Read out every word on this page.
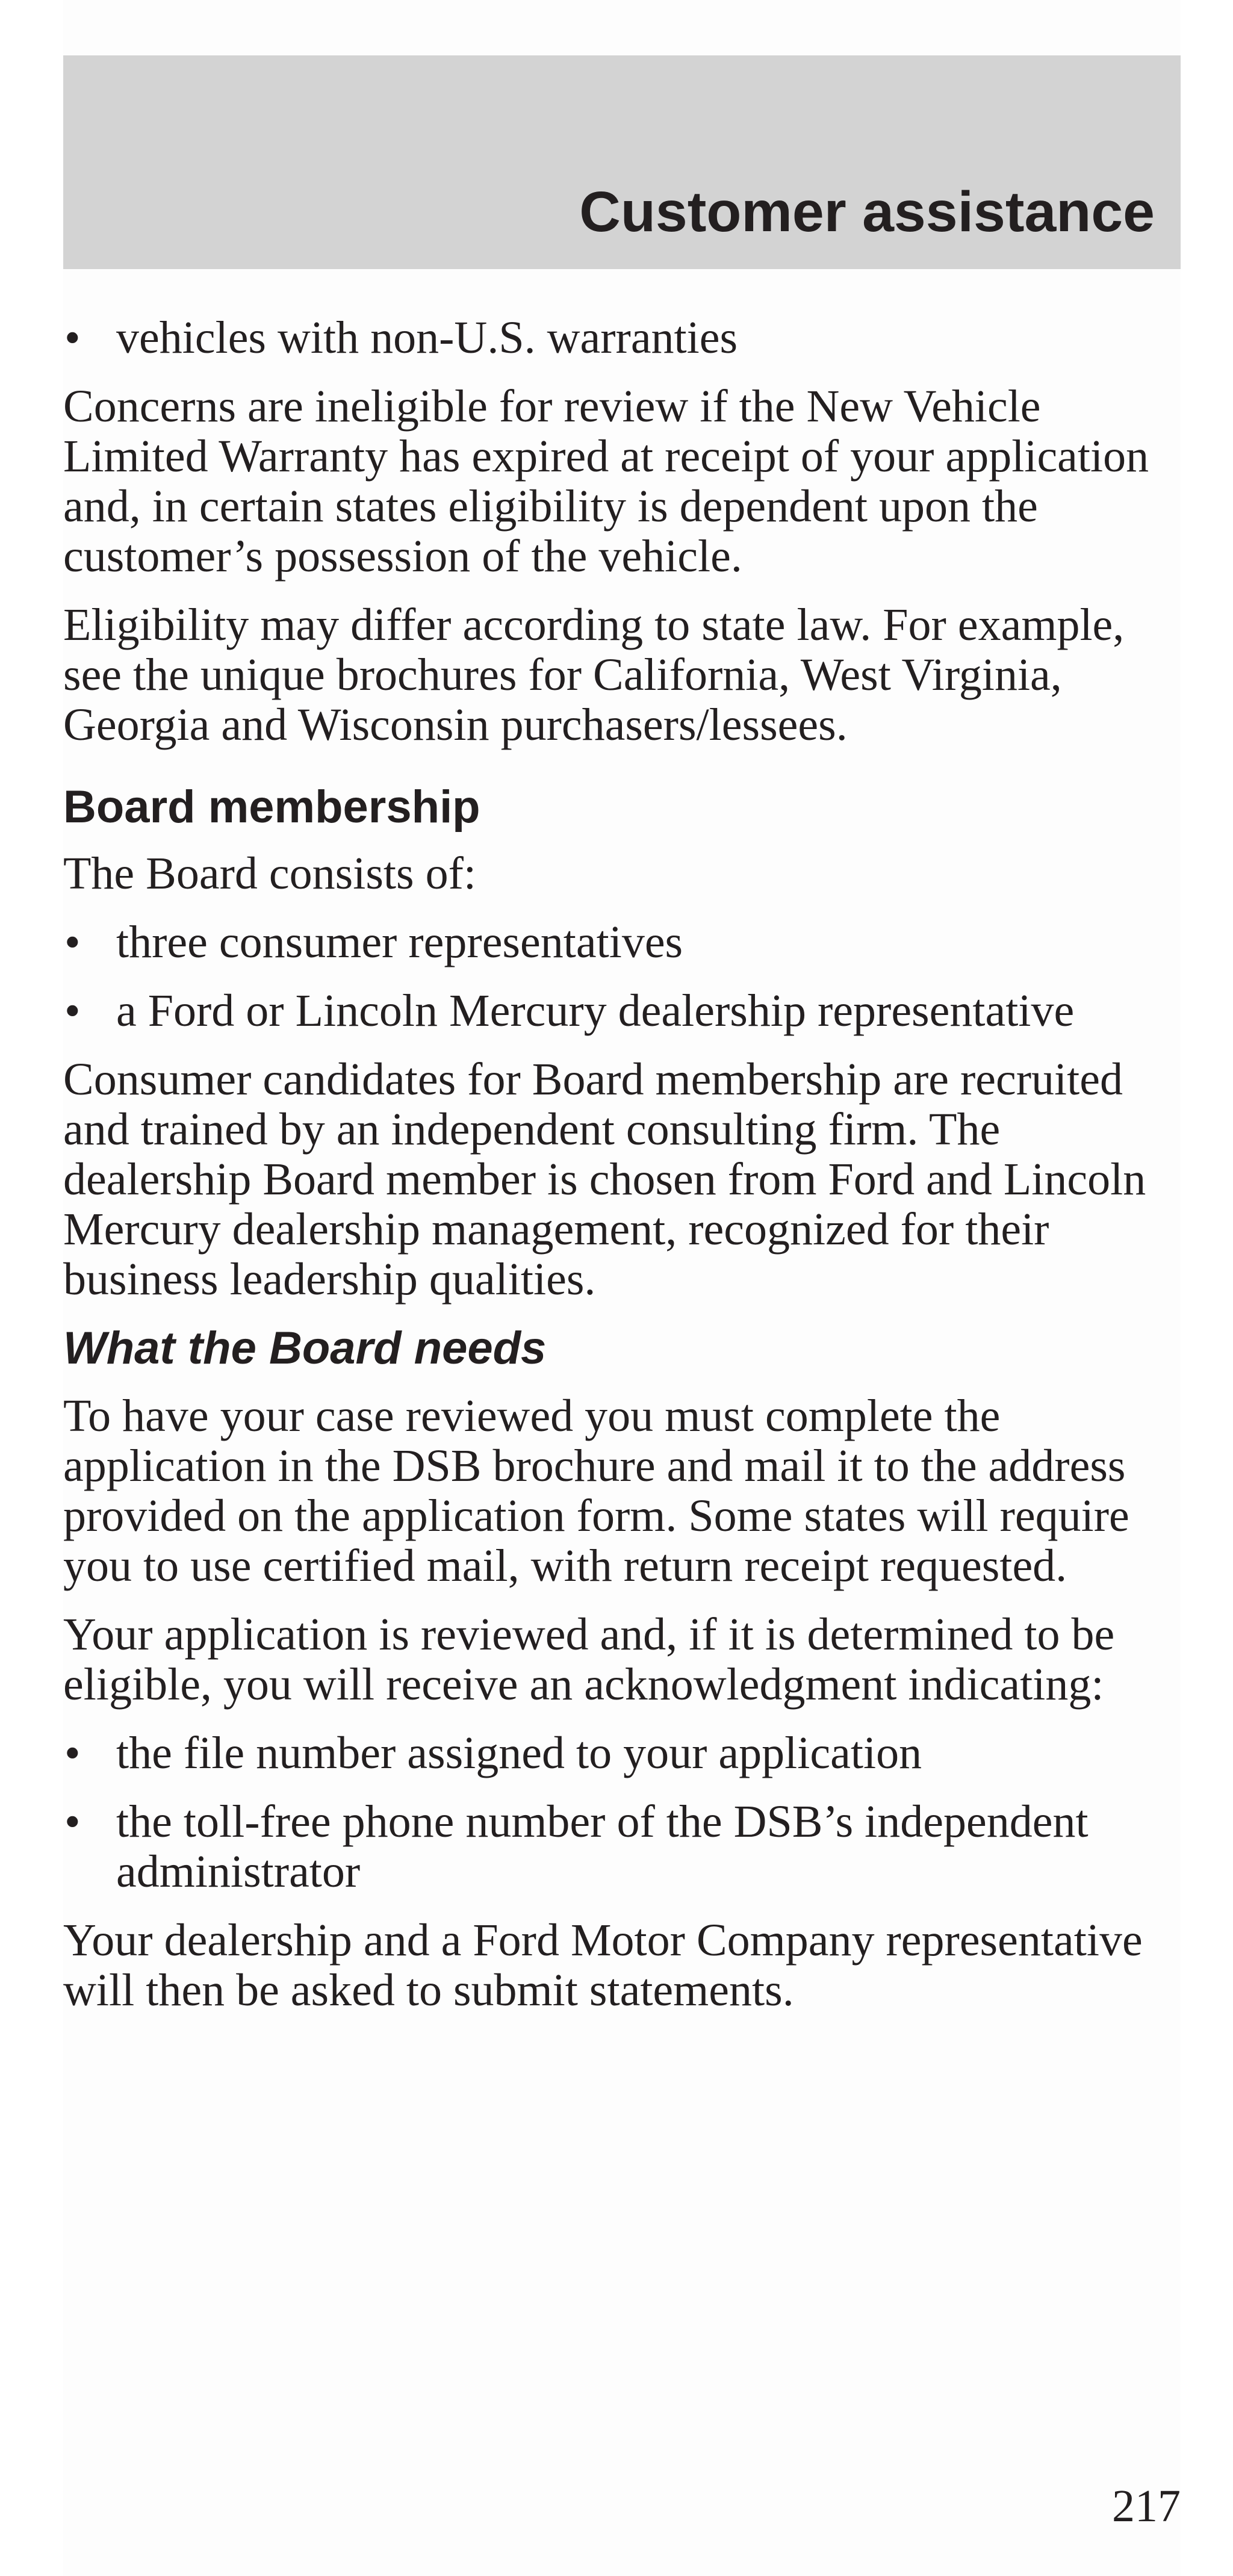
Customer assistance
• vehicles with non-U.S. warranties

Concerns are ineligible for review if the New Vehicle Limited Warranty has expired at receipt of your application and, in certain states eligibility is dependent upon the customer’s possession of the vehicle.

Eligibility may differ according to state law. For example, see the unique brochures for California, West Virginia, Georgia and Wisconsin purchasers/lessees.

Board membership

The Board consists of:

• three consumer representatives
• a Ford or Lincoln Mercury dealership representative

Consumer candidates for Board membership are recruited and trained by an independent consulting firm. The dealership Board member is chosen from Ford and Lincoln Mercury dealership management, recognized for their business leadership qualities.

What the Board needs

To have your case reviewed you must complete the application in the DSB brochure and mail it to the address provided on the application form. Some states will require you to use certified mail, with return receipt requested.

Your application is reviewed and, if it is determined to be eligible, you will receive an acknowledgment indicating:

• the file number assigned to your application
• the toll-free phone number of the DSB’s independent administrator

Your dealership and a Ford Motor Company representative will then be asked to submit statements.

217
